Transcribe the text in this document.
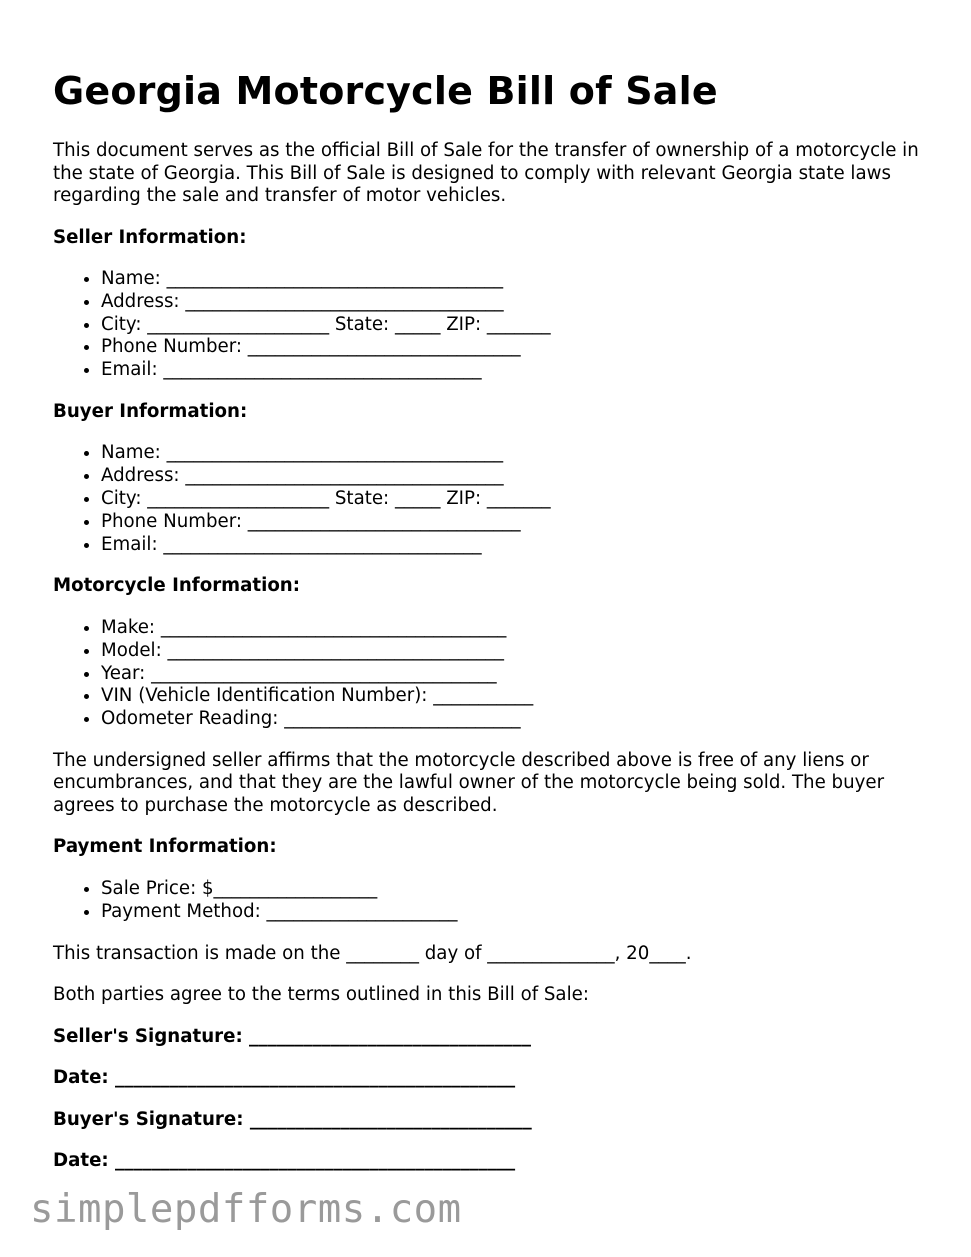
Georgia Motorcycle Bill of Sale

This document serves as the official Bill of Sale for the transfer of ownership of a motorcycle in the state of Georgia. This Bill of Sale is designed to comply with relevant Georgia state laws regarding the sale and transfer of motor vehicles.

Seller Information:
• Name: _____________________________________
• Address: ___________________________________
• City: ____________________ State: _____ ZIP: _______
• Phone Number: ______________________________
• Email: ___________________________________
Buyer Information:
• Name: _____________________________________
• Address: ___________________________________
• City: ____________________ State: _____ ZIP: _______
• Phone Number: ______________________________
• Email: ___________________________________
Motorcycle Information:
• Make: ______________________________________
• Model: _____________________________________
• Year: ______________________________________
• VIN (Vehicle Identification Number): ___________
• Odometer Reading: __________________________

The undersigned seller affirms that the motorcycle described above is free of any liens or encumbrances, and that they are the lawful owner of the motorcycle being sold. The buyer agrees to purchase the motorcycle as described.

Payment Information:
• Sale Price: $__________________
• Payment Method: _____________________

This transaction is made on the ________ day of ______________, 20____.

Both parties agree to the terms outlined in this Bill of Sale:

Seller's Signature: _______________________________

Date: ____________________________________________

Buyer's Signature: _______________________________

Date: ____________________________________________

simplepdfforms.com
